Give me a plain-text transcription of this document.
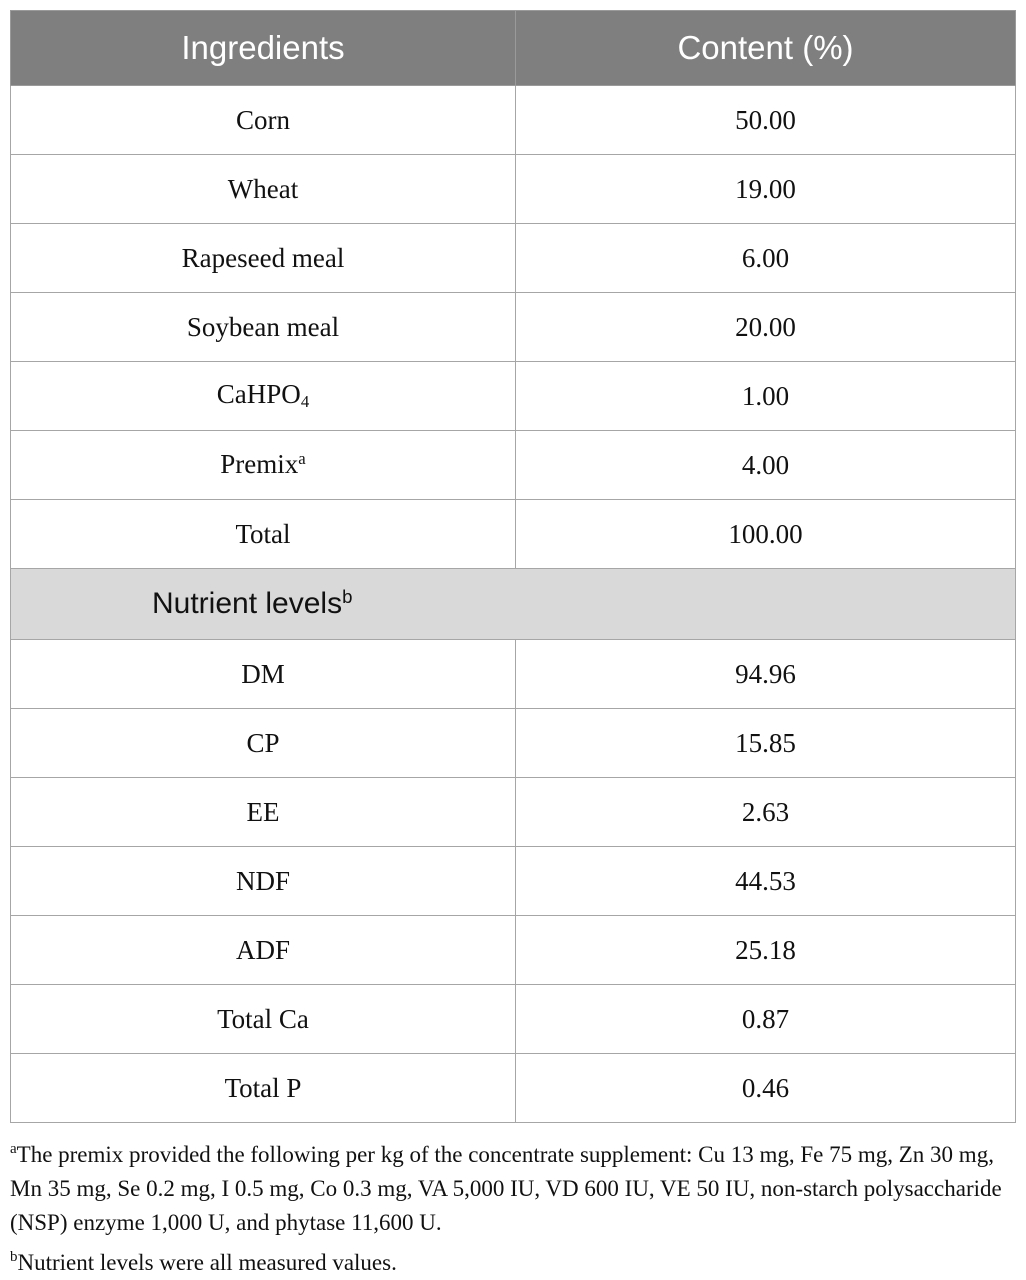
Ingredients	Content (%)
Corn	50.00
Wheat	19.00
Rapeseed meal	6.00
Soybean meal	20.00
CaHPO$_4$	1.00
Premix$^a$	4.00
Total	100.00
Nutrient levels$^b$
DM	94.96
CP	15.85
EE	2.63
NDF	44.53
ADF	25.18
Total Ca	0.87
Total P	0.46

$^a$The premix provided the following per kg of the concentrate supplement: Cu 13 mg, Fe 75 mg, Zn 30 mg, Mn 35 mg, Se 0.2 mg, I 0.5 mg, Co 0.3 mg, VA 5,000 IU, VD 600 IU, VE 50 IU, non-starch polysaccharide (NSP) enzyme 1,000 U, and phytase 11,600 U.

$^b$Nutrient levels were all measured values.
